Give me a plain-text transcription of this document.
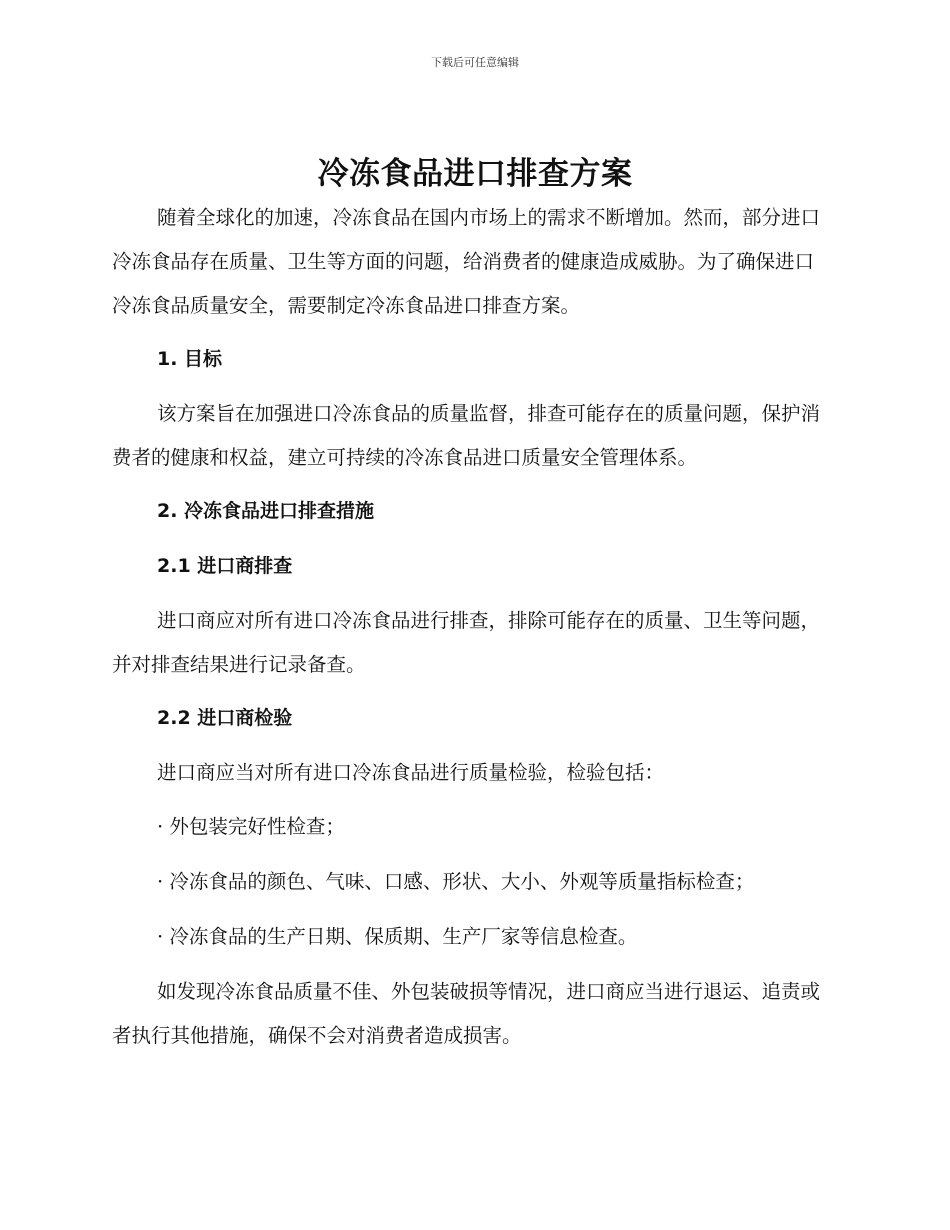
下载后可任意编辑
冷冻食品进口排查方案

随着全球化的加速，冷冻食品在国内市场上的需求不断增加。然而，部分进口冷冻食品存在质量、卫生等方面的问题，给消费者的健康造成威胁。为了确保进口冷冻食品质量安全，需要制定冷冻食品进口排查方案。

1. 目标

该方案旨在加强进口冷冻食品的质量监督，排查可能存在的质量问题，保护消费者的健康和权益，建立可持续的冷冻食品进口质量安全管理体系。

2. 冷冻食品进口排查措施
2.1 进口商排查

进口商应对所有进口冷冻食品进行排查，排除可能存在的质量、卫生等问题，并对排查结果进行记录备查。

2.2 进口商检验

进口商应当对所有进口冷冻食品进行质量检验，检验包括：

· 外包装完好性检查；

· 冷冻食品的颜色、气味、口感、形状、大小、外观等质量指标检查；

· 冷冻食品的生产日期、保质期、生产厂家等信息检查。

如发现冷冻食品质量不佳、外包装破损等情况，进口商应当进行退运、追责或者执行其他措施，确保不会对消费者造成损害。
